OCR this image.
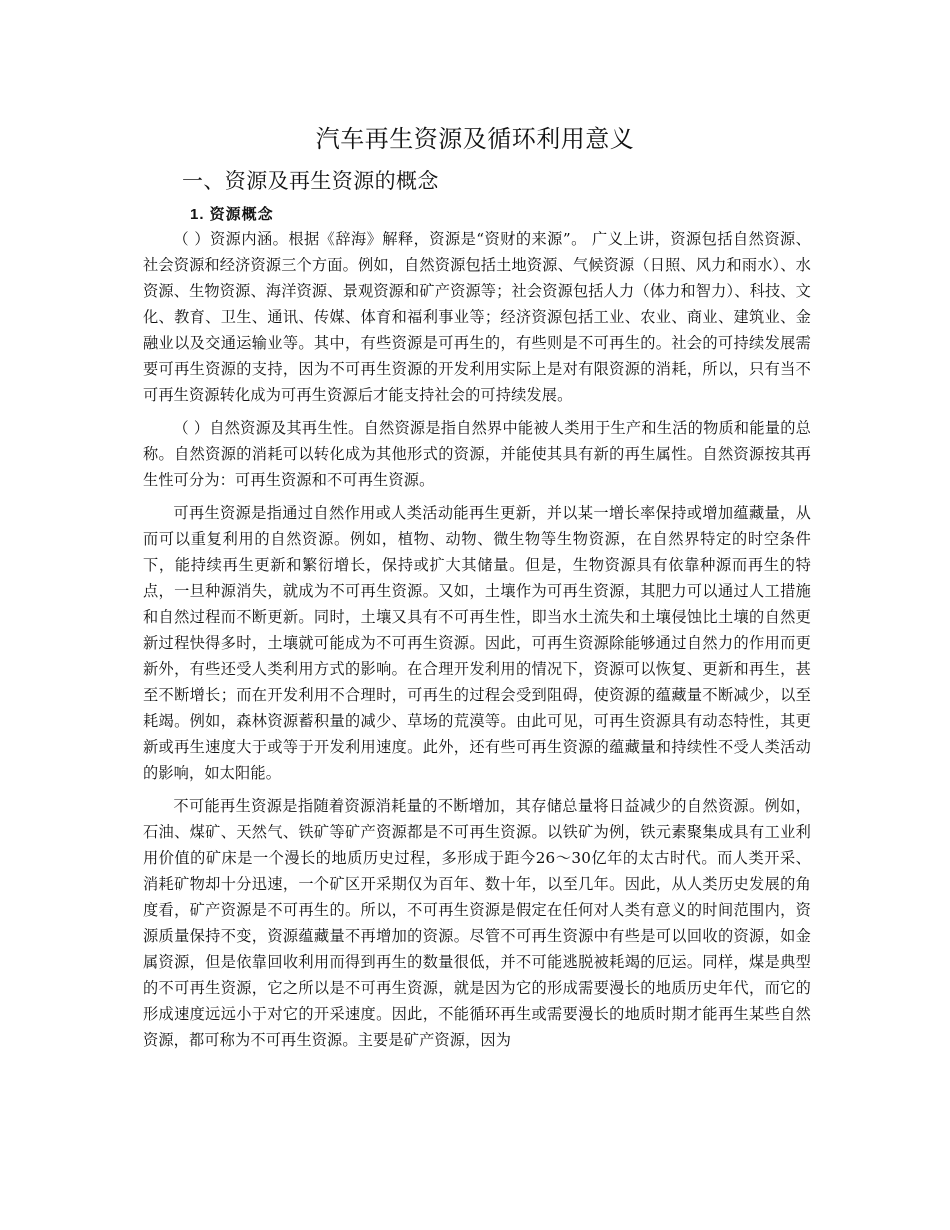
汽车再生资源及循环利用意义
一、资源及再生资源的概念
1. 资源概念

（ ）资源内涵。根据《辞海》解释，资源是“资财的来源”。 广义上讲，资源包括自然资源、社会资源和经济资源三个方面。例如，自然资源包括土地资源、气候资源（日照、风力和雨水）、水资源、生物资源、海洋资源、景观资源和矿产资源等；社会资源包括人力（体力和智力）、科技、文化、教育、卫生、通讯、传媒、体育和福利事业等；经济资源包括工业、农业、商业、建筑业、金融业以及交通运输业等。其中，有些资源是可再生的，有些则是不可再生的。社会的可持续发展需要可再生资源的支持，因为不可再生资源的开发利用实际上是对有限资源的消耗，所以，只有当不可再生资源转化成为可再生资源后才能支持社会的可持续发展。

（ ）自然资源及其再生性。自然资源是指自然界中能被人类用于生产和生活的物质和能量的总称。自然资源的消耗可以转化成为其他形式的资源，并能使其具有新的再生属性。自然资源按其再生性可分为：可再生资源和不可再生资源。

可再生资源是指通过自然作用或人类活动能再生更新，并以某一增长率保持或增加蕴藏量，从而可以重复利用的自然资源。例如，植物、动物、微生物等生物资源，在自然界特定的时空条件下，能持续再生更新和繁衍增长，保持或扩大其储量。但是，生物资源具有依靠种源而再生的特点，一旦种源消失，就成为不可再生资源。又如，土壤作为可再生资源，其肥力可以通过人工措施和自然过程而不断更新。同时，土壤又具有不可再生性，即当水土流失和土壤侵蚀比土壤的自然更新过程快得多时，土壤就可能成为不可再生资源。因此，可再生资源除能够通过自然力的作用而更新外，有些还受人类利用方式的影响。在合理开发利用的情况下，资源可以恢复、更新和再生，甚至不断增长；而在开发利用不合理时，可再生的过程会受到阻碍，使资源的蕴藏量不断减少，以至耗竭。例如，森林资源蓄积量的减少、草场的荒漠等。由此可见，可再生资源具有动态特性，其更新或再生速度大于或等于开发利用速度。此外，还有些可再生资源的蕴藏量和持续性不受人类活动的影响，如太阳能。

不可能再生资源是指随着资源消耗量的不断增加，其存储总量将日益减少的自然资源。例如，石油、煤矿、天然气、铁矿等矿产资源都是不可再生资源。以铁矿为例，铁元素聚集成具有工业利用价值的矿床是一个漫长的地质历史过程，多形成于距今26～30亿年的太古时代。而人类开采、消耗矿物却十分迅速，一个矿区开采期仅为百年、数十年，以至几年。因此，从人类历史发展的角度看，矿产资源是不可再生的。所以，不可再生资源是假定在任何对人类有意义的时间范围内，资源质量保持不变，资源蕴藏量不再增加的资源。尽管不可再生资源中有些是可以回收的资源，如金属资源，但是依靠回收利用而得到再生的数量很低，并不可能逃脱被耗竭的厄运。同样，煤是典型的不可再生资源，它之所以是不可再生资源，就是因为它的形成需要漫长的地质历史年代，而它的形成速度远远小于对它的开采速度。因此，不能循环再生或需要漫长的地质时期才能再生某些自然资源，都可称为不可再生资源。主要是矿产资源，因为
